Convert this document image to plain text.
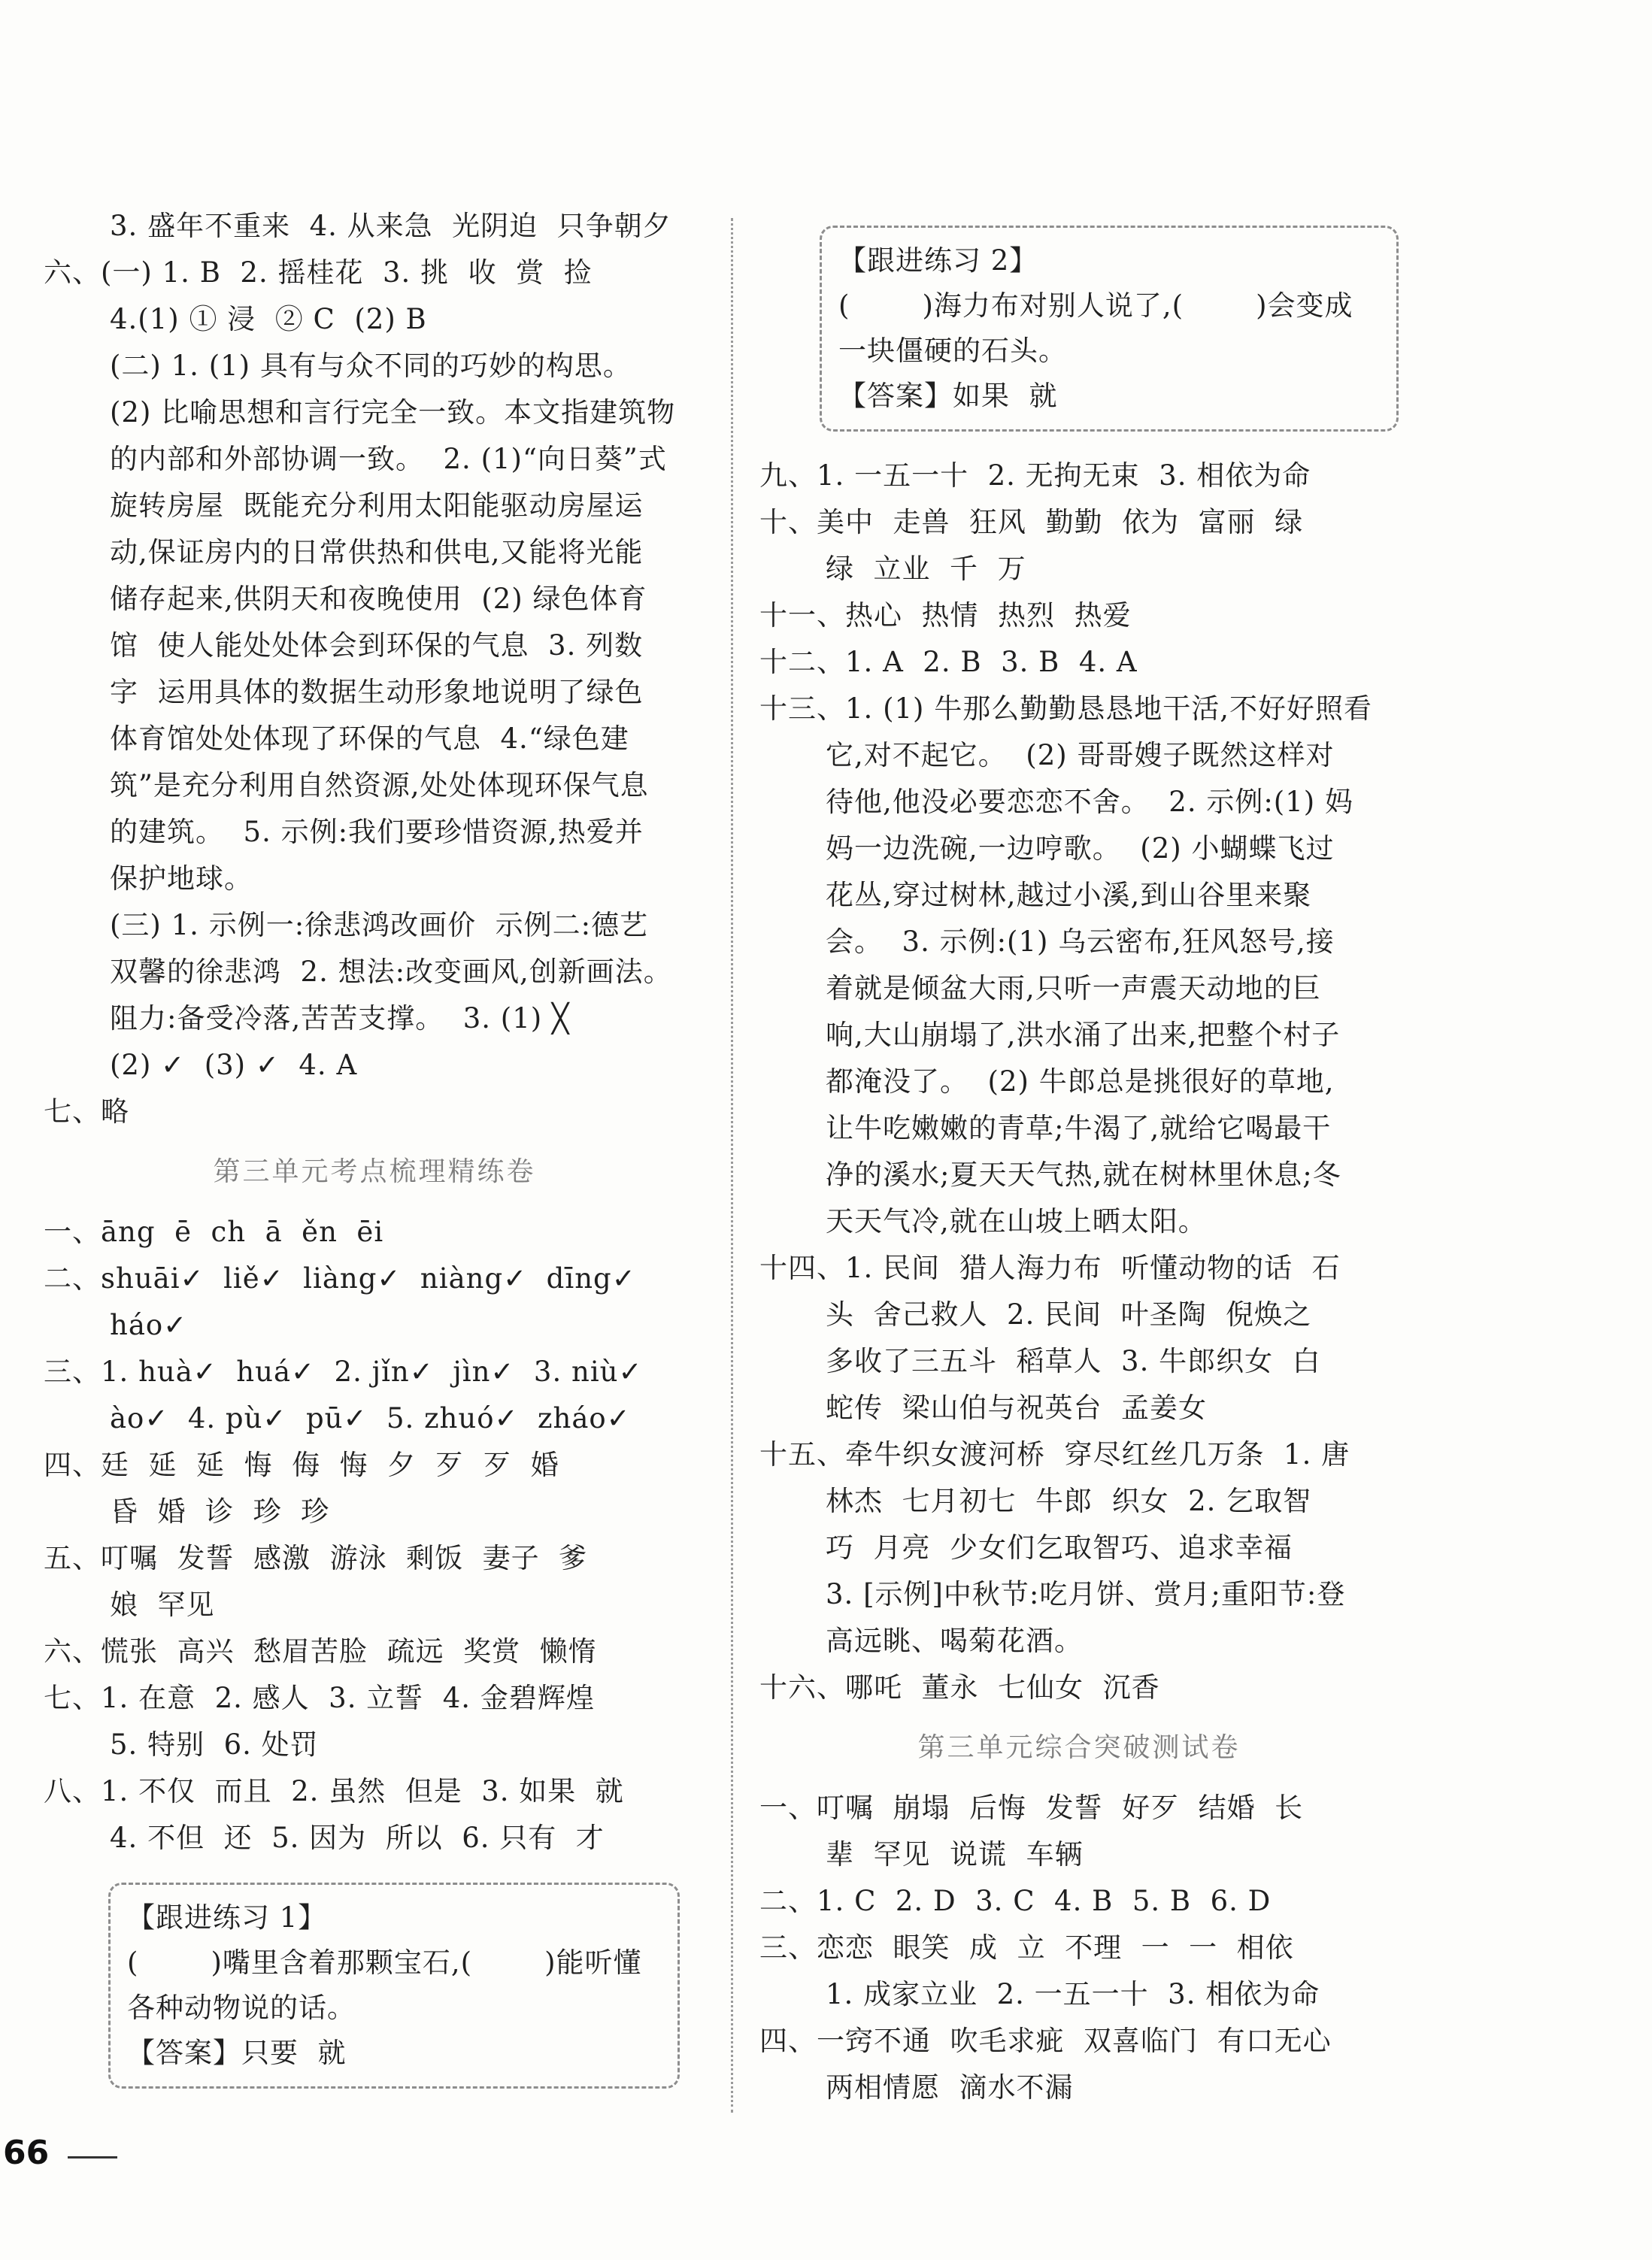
3. 盛年不重来  4. 从来急  光阴迫  只争朝夕
六、(一) 1. B  2. 摇桂花  3. 挑  收  赏  捡
4.(1) ① 浸  ② C  (2) B
(二) 1. (1) 具有与众不同的巧妙的构思。
(2) 比喻思想和言行完全一致。本文指建筑物
的内部和外部协调一致。  2. (1)“向日葵”式
旋转房屋  既能充分利用太阳能驱动房屋运
动,保证房内的日常供热和供电,又能将光能
储存起来,供阴天和夜晚使用  (2) 绿色体育
馆  使人能处处体会到环保的气息  3. 列数
字  运用具体的数据生动形象地说明了绿色
体育馆处处体现了环保的气息  4.“绿色建
筑”是充分利用自然资源,处处体现环保气息
的建筑。  5. 示例:我们要珍惜资源,热爱并
保护地球。
(三) 1. 示例一:徐悲鸿改画价  示例二:德艺
双馨的徐悲鸿  2. 想法:改变画风,创新画法。
阻力:备受冷落,苦苦支撑。  3. (1) ╳
(2) ✓  (3) ✓  4. A
七、略
第三单元考点梳理精练卷
一、āng  ē  ch  ā  ěn  ēi
二、shuāi✓  liě✓  liàng✓  niàng✓  dīng✓
háo✓
三、1. huà✓  huá✓  2. jǐn✓  jìn✓  3. niù✓
ào✓  4. pù✓  pū✓  5. zhuó✓  zháo✓
四、廷  延  延  悔  侮  悔  夕  歹  歹  婚
昏  婚  诊  珍  珍
五、叮嘱  发誓  感激  游泳  剩饭  妻子  爹
娘  罕见
六、慌张  高兴  愁眉苦脸  疏远  奖赏  懒惰
七、1. 在意  2. 感人  3. 立誓  4. 金碧辉煌
5. 特别  6. 处罚
八、1. 不仅  而且  2. 虽然  但是  3. 如果  就
4. 不但  还  5. 因为  所以  6. 只有  才
【跟进练习 1】
(	)嘴里含着那颗宝石,(	)能听懂
各种动物说的话。
【答案】只要  就
【跟进练习 2】
(	)海力布对别人说了,(	)会变成
一块僵硬的石头。
【答案】如果  就
九、1. 一五一十  2. 无拘无束  3. 相依为命
十、美中  走兽  狂风  勤勤  依为  富丽  绿
绿  立业  千  万
十一、热心  热情  热烈  热爱
十二、1. A  2. B  3. B  4. A
十三、1. (1) 牛那么勤勤恳恳地干活,不好好照看
它,对不起它。  (2) 哥哥嫂子既然这样对
待他,他没必要恋恋不舍。  2. 示例:(1) 妈
妈一边洗碗,一边哼歌。  (2) 小蝴蝶飞过
花丛,穿过树林,越过小溪,到山谷里来聚
会。  3. 示例:(1) 乌云密布,狂风怒号,接
着就是倾盆大雨,只听一声震天动地的巨
响,大山崩塌了,洪水涌了出来,把整个村子
都淹没了。  (2) 牛郎总是挑很好的草地,
让牛吃嫩嫩的青草;牛渴了,就给它喝最干
净的溪水;夏天天气热,就在树林里休息;冬
天天气冷,就在山坡上晒太阳。
十四、1. 民间  猎人海力布  听懂动物的话  石
头  舍己救人  2. 民间  叶圣陶  倪焕之
多收了三五斗  稻草人  3. 牛郎织女  白
蛇传  梁山伯与祝英台  孟姜女
十五、牵牛织女渡河桥  穿尽红丝几万条  1. 唐
林杰  七月初七  牛郎  织女  2. 乞取智
巧  月亮  少女们乞取智巧、追求幸福
3. [示例]中秋节:吃月饼、赏月;重阳节:登
高远眺、喝菊花酒。
十六、哪吒  董永  七仙女  沉香
第三单元综合突破测试卷
一、叮嘱  崩塌  后悔  发誓  好歹  结婚  长
辈  罕见  说谎  车辆
二、1. C  2. D  3. C  4. B  5. B  6. D
三、恋恋  眼笑  成  立  不理  一  一  相依
1. 成家立业  2. 一五一十  3. 相依为命
四、一窍不通  吹毛求疵  双喜临门  有口无心
两相情愿  滴水不漏
66
